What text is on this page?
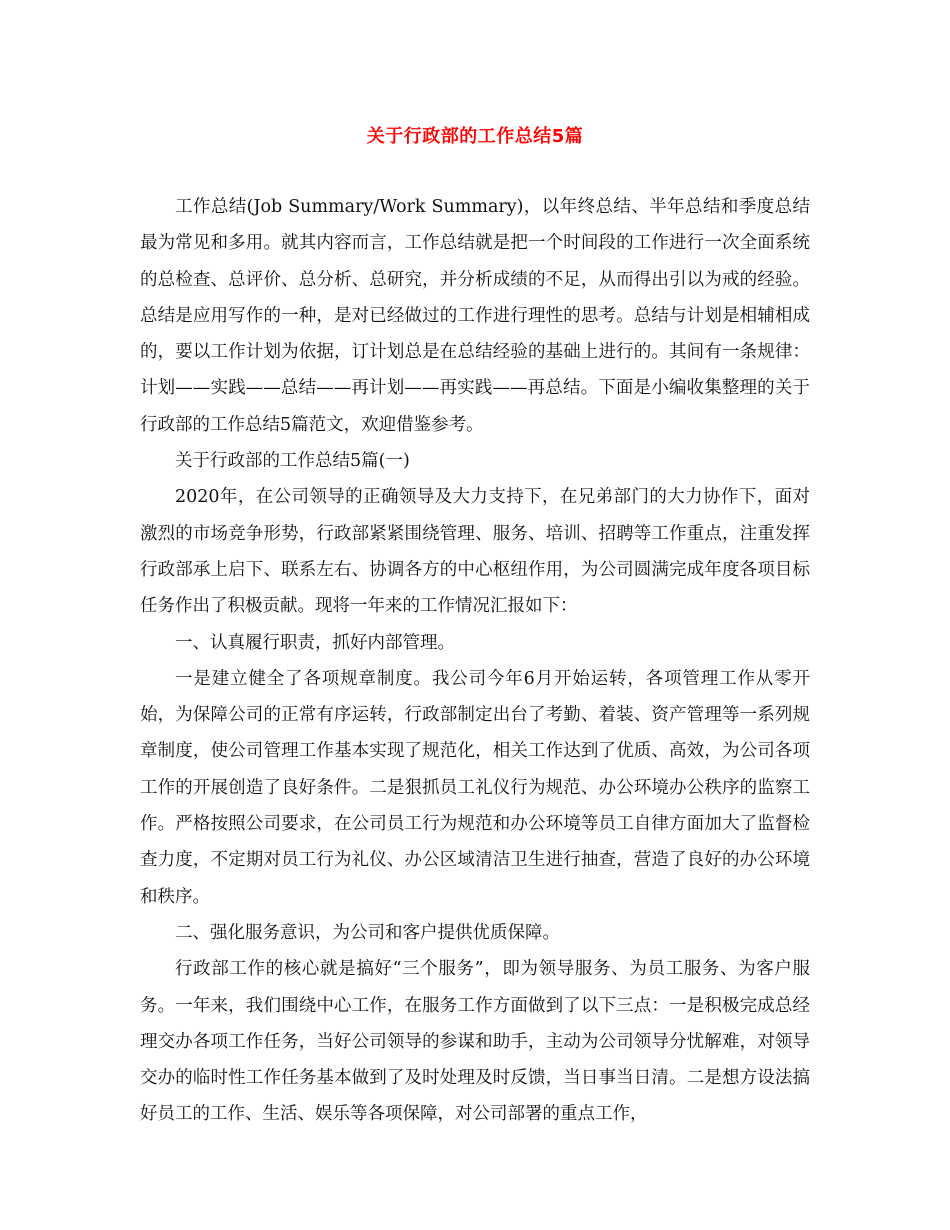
关于行政部的工作总结5篇

工作总结(Job Summary/Work Summary)，以年终总结、半年总结和季度总结最为常见和多用。就其内容而言，工作总结就是把一个时间段的工作进行一次全面系统的总检查、总评价、总分析、总研究，并分析成绩的不足，从而得出引以为戒的经验。总结是应用写作的一种，是对已经做过的工作进行理性的思考。总结与计划是相辅相成的，要以工作计划为依据，订计划总是在总结经验的基础上进行的。其间有一条规律：计划——实践——总结——再计划——再实践——再总结。下面是小编收集整理的关于行政部的工作总结5篇范文，欢迎借鉴参考。

关于行政部的工作总结5篇(一)

2020年，在公司领导的正确领导及大力支持下，在兄弟部门的大力协作下，面对激烈的市场竞争形势，行政部紧紧围绕管理、服务、培训、招聘等工作重点，注重发挥行政部承上启下、联系左右、协调各方的中心枢纽作用，为公司圆满完成年度各项目标任务作出了积极贡献。现将一年来的工作情况汇报如下：

一、认真履行职责，抓好内部管理。

一是建立健全了各项规章制度。我公司今年6月开始运转，各项管理工作从零开始，为保障公司的正常有序运转，行政部制定出台了考勤、着装、资产管理等一系列规章制度，使公司管理工作基本实现了规范化，相关工作达到了优质、高效，为公司各项工作的开展创造了良好条件。二是狠抓员工礼仪行为规范、办公环境办公秩序的监察工作。严格按照公司要求，在公司员工行为规范和办公环境等员工自律方面加大了监督检查力度，不定期对员工行为礼仪、办公区域清洁卫生进行抽查，营造了良好的办公环境和秩序。

二、强化服务意识，为公司和客户提供优质保障。

行政部工作的核心就是搞好“三个服务”，即为领导服务、为员工服务、为客户服务。一年来，我们围绕中心工作，在服务工作方面做到了以下三点：一是积极完成总经理交办各项工作任务，当好公司领导的参谋和助手，主动为公司领导分忧解难，对领导交办的临时性工作任务基本做到了及时处理及时反馈，当日事当日清。二是想方设法搞好员工的工作、生活、娱乐等各项保障，对公司部署的重点工作，
